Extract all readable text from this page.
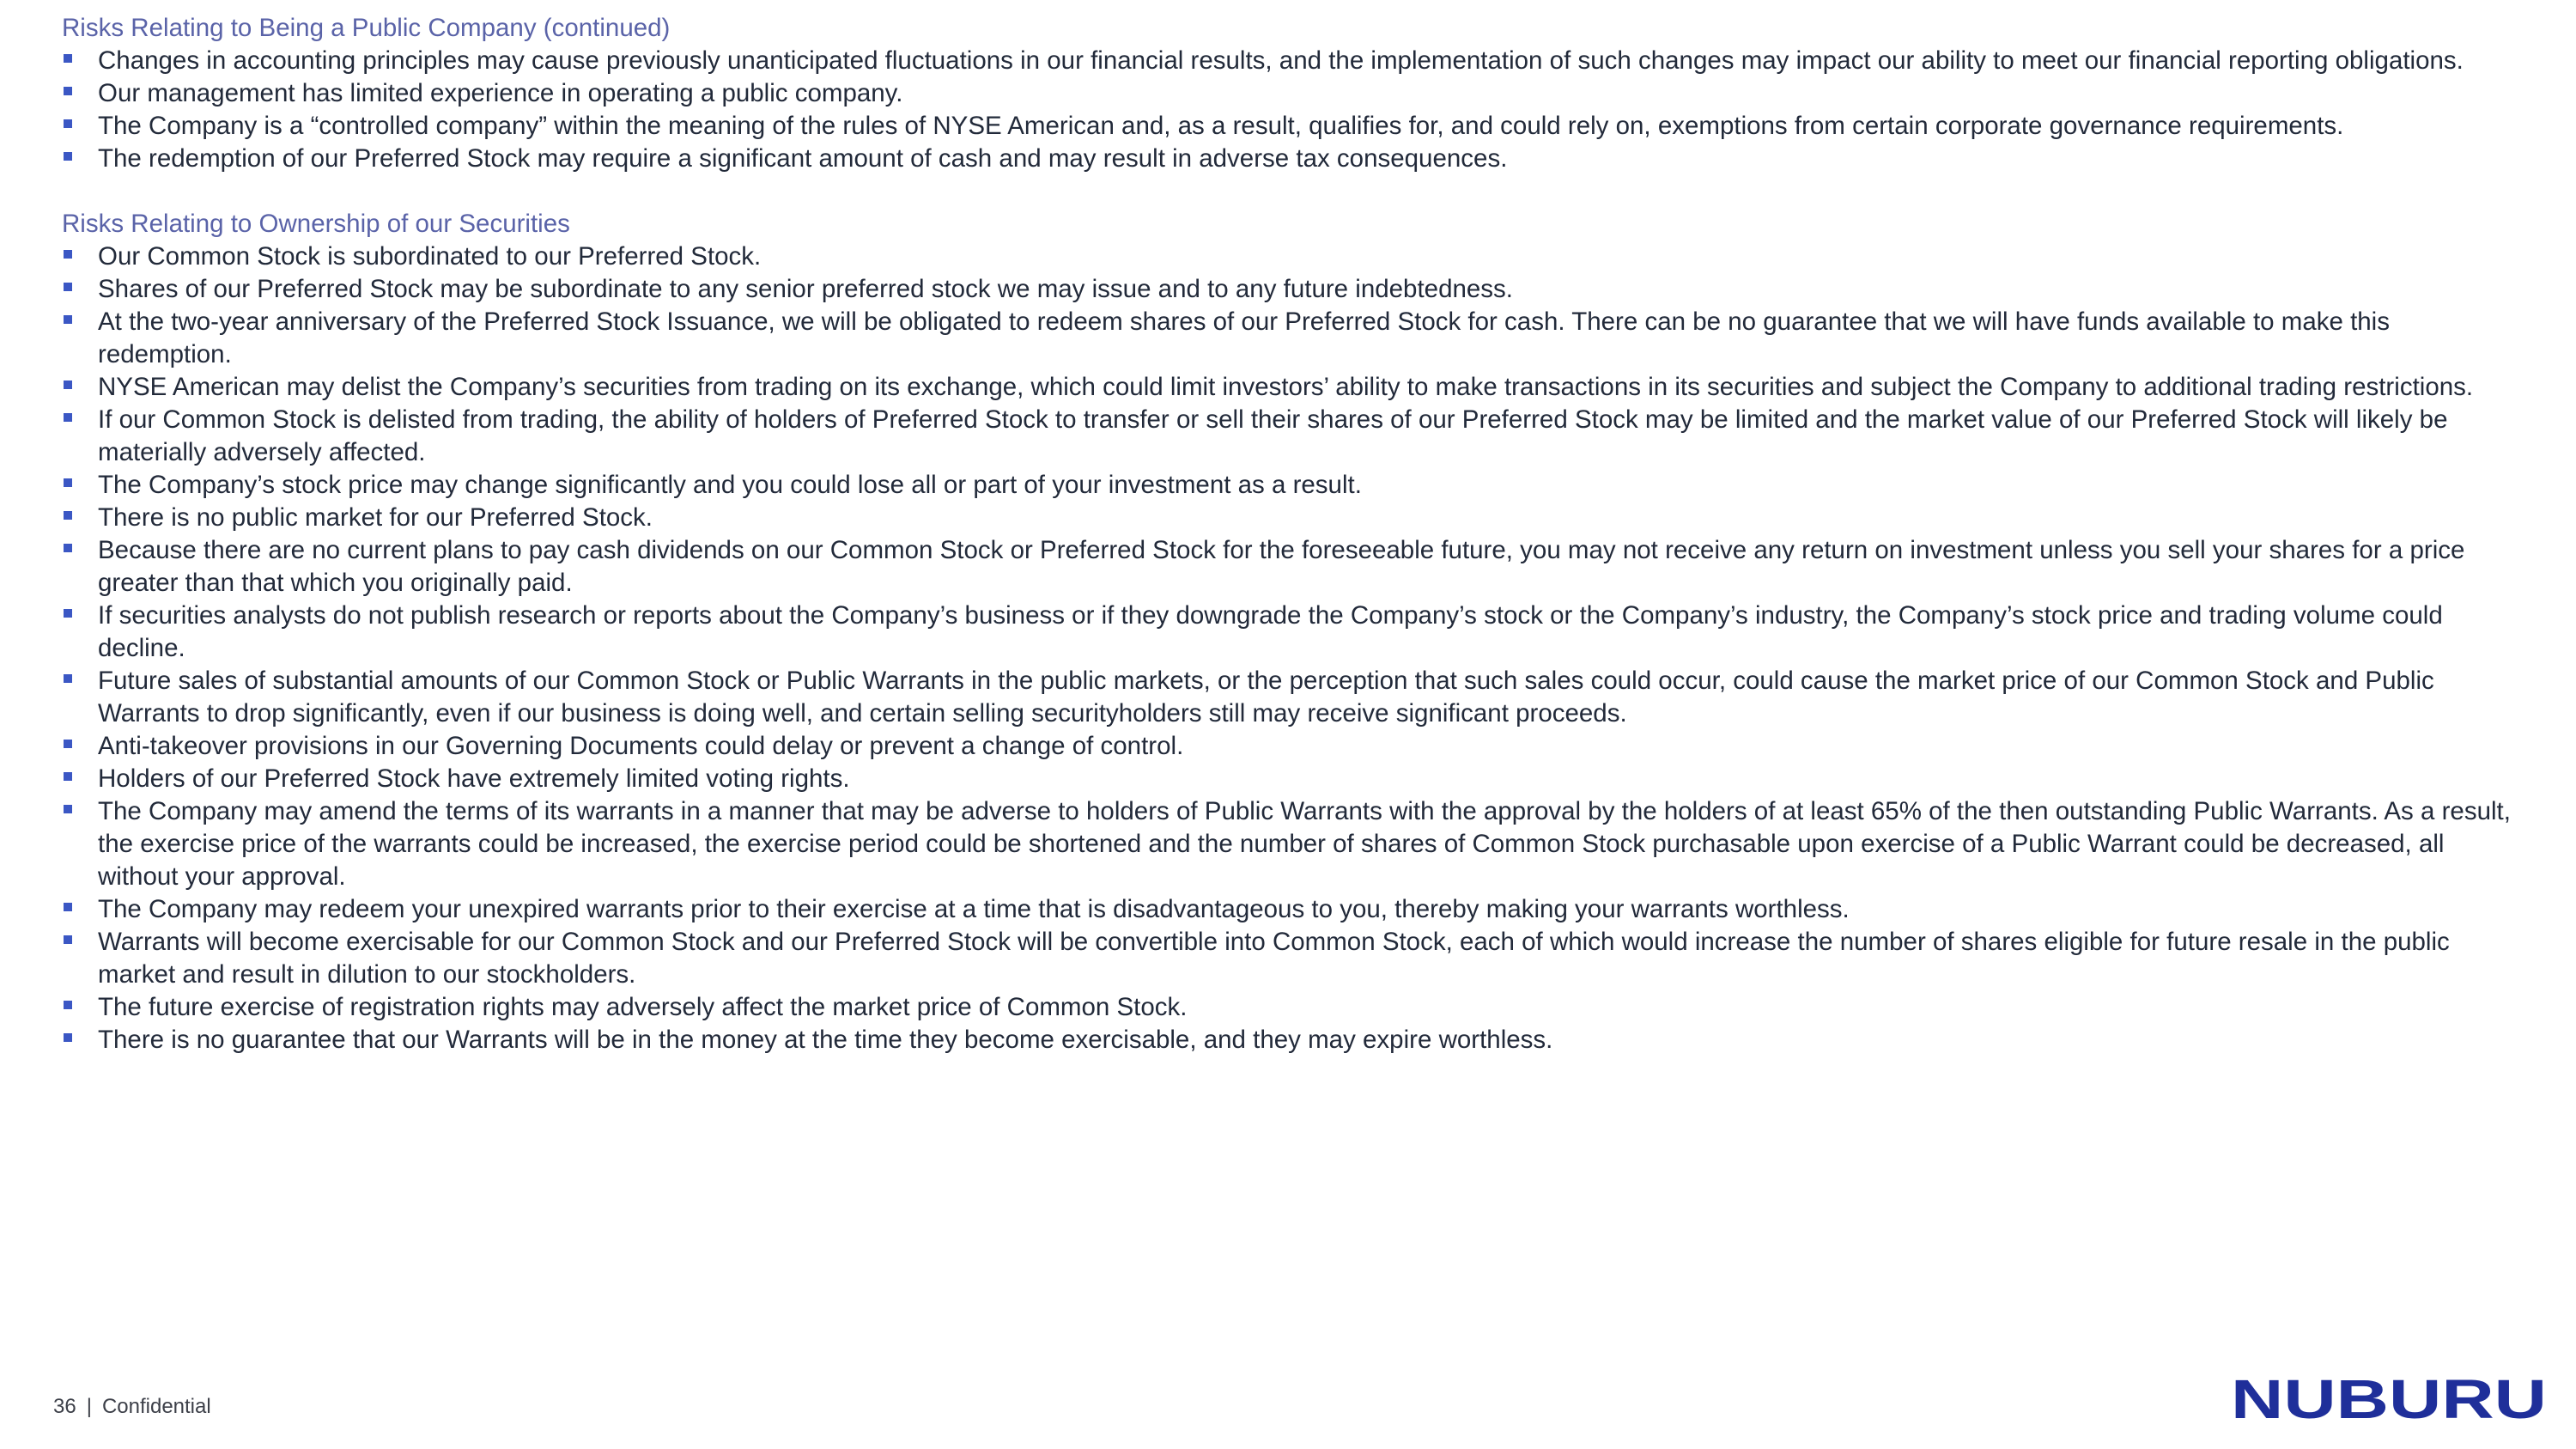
Risks Relating to Being a Public Company (continued)
Changes in accounting principles may cause previously unanticipated fluctuations in our financial results, and the implementation of such changes may impact our ability to meet our financial reporting obligations.
Our management has limited experience in operating a public company.
The Company is a “controlled company” within the meaning of the rules of NYSE American and, as a result, qualifies for, and could rely on, exemptions from certain corporate governance requirements.
The redemption of our Preferred Stock may require a significant amount of cash and may result in adverse tax consequences.
Risks Relating to Ownership of our Securities
Our Common Stock is subordinated to our Preferred Stock.
Shares of our Preferred Stock may be subordinate to any senior preferred stock we may issue and to any future indebtedness.
At the two-year anniversary of the Preferred Stock Issuance, we will be obligated to redeem shares of our Preferred Stock for cash. There can be no guarantee that we will have funds available to make this redemption.
NYSE American may delist the Company’s securities from trading on its exchange, which could limit investors’ ability to make transactions in its securities and subject the Company to additional trading restrictions.
If our Common Stock is delisted from trading, the ability of holders of Preferred Stock to transfer or sell their shares of our Preferred Stock may be limited and the market value of our Preferred Stock will likely be materially adversely affected.
The Company’s stock price may change significantly and you could lose all or part of your investment as a result.
There is no public market for our Preferred Stock.
Because there are no current plans to pay cash dividends on our Common Stock or Preferred Stock for the foreseeable future, you may not receive any return on investment unless you sell your shares for a price greater than that which you originally paid.
If securities analysts do not publish research or reports about the Company’s business or if they downgrade the Company’s stock or the Company’s industry, the Company’s stock price and trading volume could decline.
Future sales of substantial amounts of our Common Stock or Public Warrants in the public markets, or the perception that such sales could occur, could cause the market price of our Common Stock and Public Warrants to drop significantly, even if our business is doing well, and certain selling securityholders still may receive significant proceeds.
Anti-takeover provisions in our Governing Documents could delay or prevent a change of control.
Holders of our Preferred Stock have extremely limited voting rights.
The Company may amend the terms of its warrants in a manner that may be adverse to holders of Public Warrants with the approval by the holders of at least 65% of the then outstanding Public Warrants. As a result, the exercise price of the warrants could be increased, the exercise period could be shortened and the number of shares of Common Stock purchasable upon exercise of a Public Warrant could be decreased, all without your approval.
The Company may redeem your unexpired warrants prior to their exercise at a time that is disadvantageous to you, thereby making your warrants worthless.
Warrants will become exercisable for our Common Stock and our Preferred Stock will be convertible into Common Stock, each of which would increase the number of shares eligible for future resale in the public market and result in dilution to our stockholders.
The future exercise of registration rights may adversely affect the market price of Common Stock.
There is no guarantee that our Warrants will be in the money at the time they become exercisable, and they may expire worthless.
36 | Confidential	NUBURU
